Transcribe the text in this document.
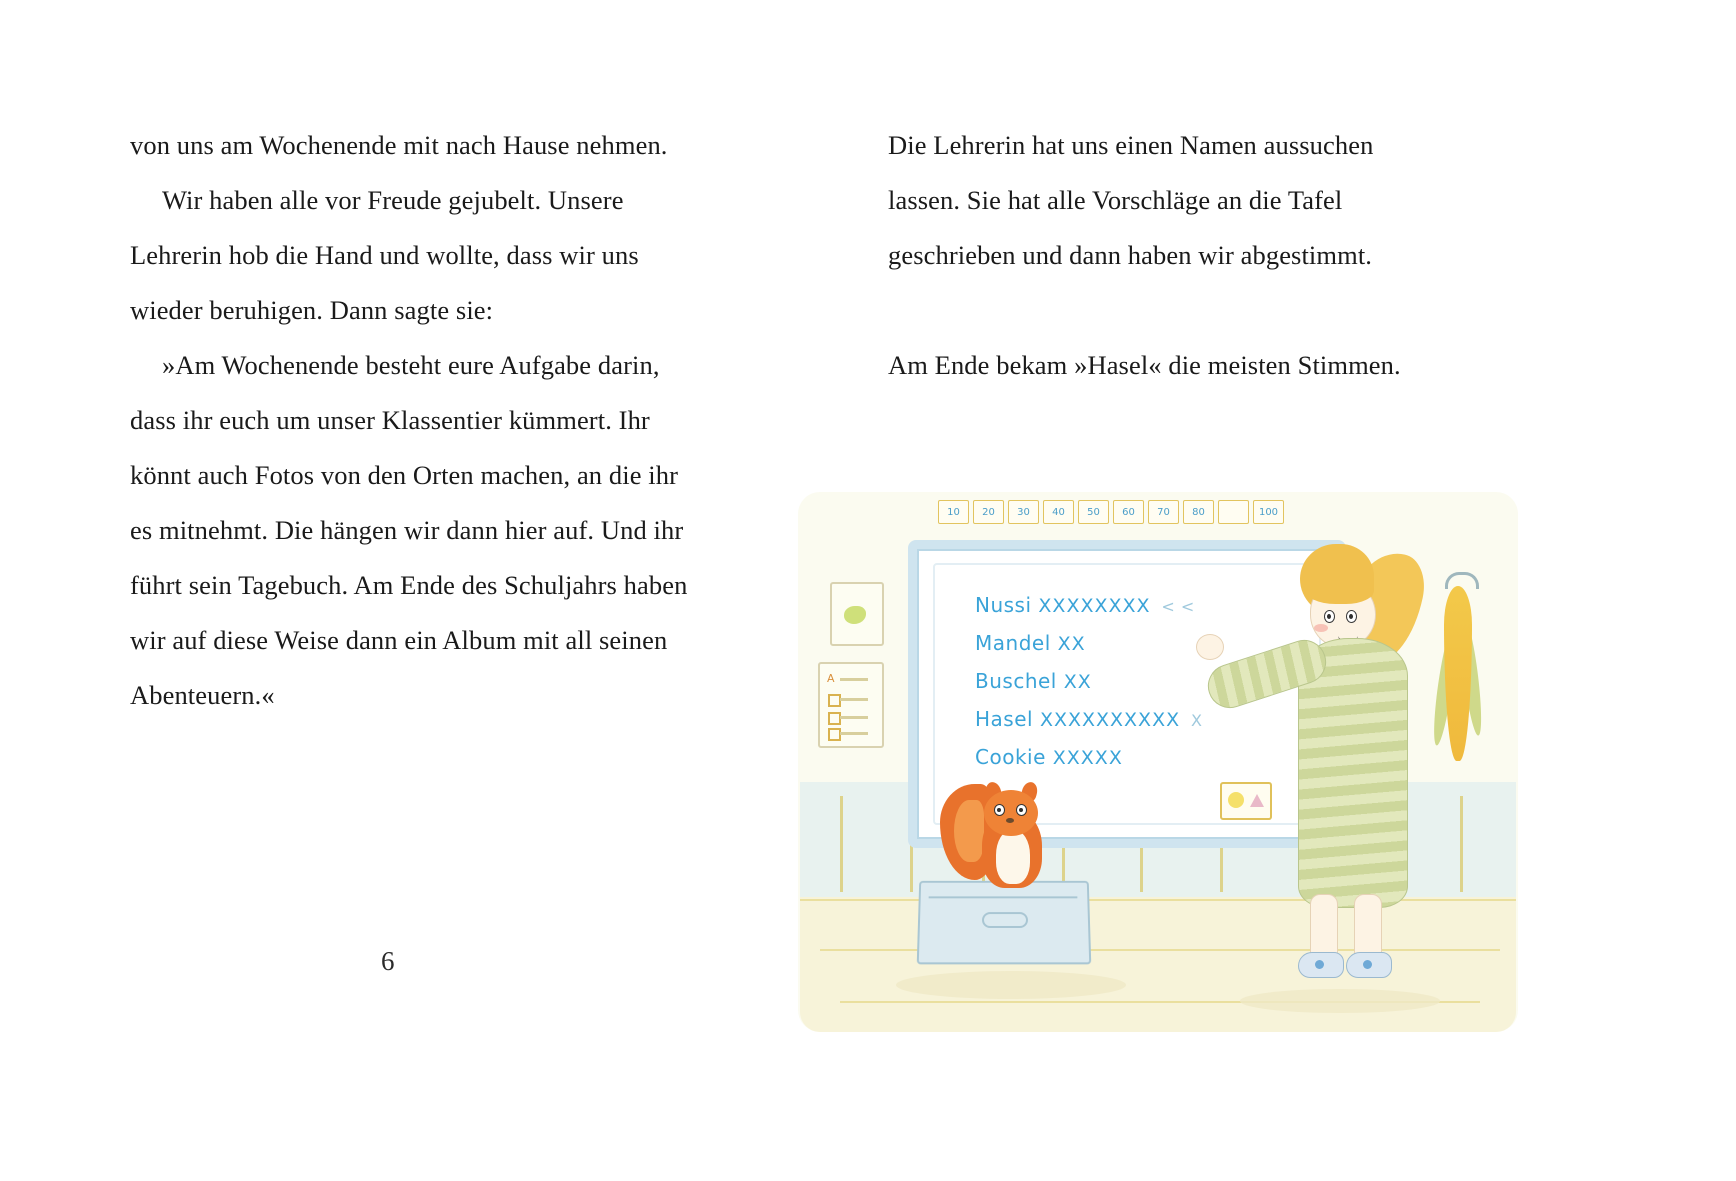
von uns am Wochenende mit nach Hause nehmen.

Wir haben alle vor Freude gejubelt. Unsere Lehrerin hob die Hand und wollte, dass wir uns wieder beruhigen. Dann sagte sie:

»Am Wochenende besteht eure Aufgabe darin, dass ihr euch um unser Klassentier kümmert. Ihr könnt auch Fotos von den Orten machen, an die ihr es mitnehmt. Die hängen wir dann hier auf. Und ihr führt sein Tagebuch. Am Ende des Schuljahrs haben wir auf diese Weise dann ein Album mit all seinen Abenteuern.«

Die Lehrerin hat uns einen Namen aussuchen lassen. Sie hat alle Vorschläge an die Tafel geschrieben und dann haben wir abgestimmt.

Am Ende bekam »Hasel« die meisten Stimmen.

6
10	20	30	40	50	60	70	80	100
A
Nussi XXXXXXXX < <
Mandel XX
Buschel XX
Hasel XXXXXXXXXX X
Cookie XXXXX
